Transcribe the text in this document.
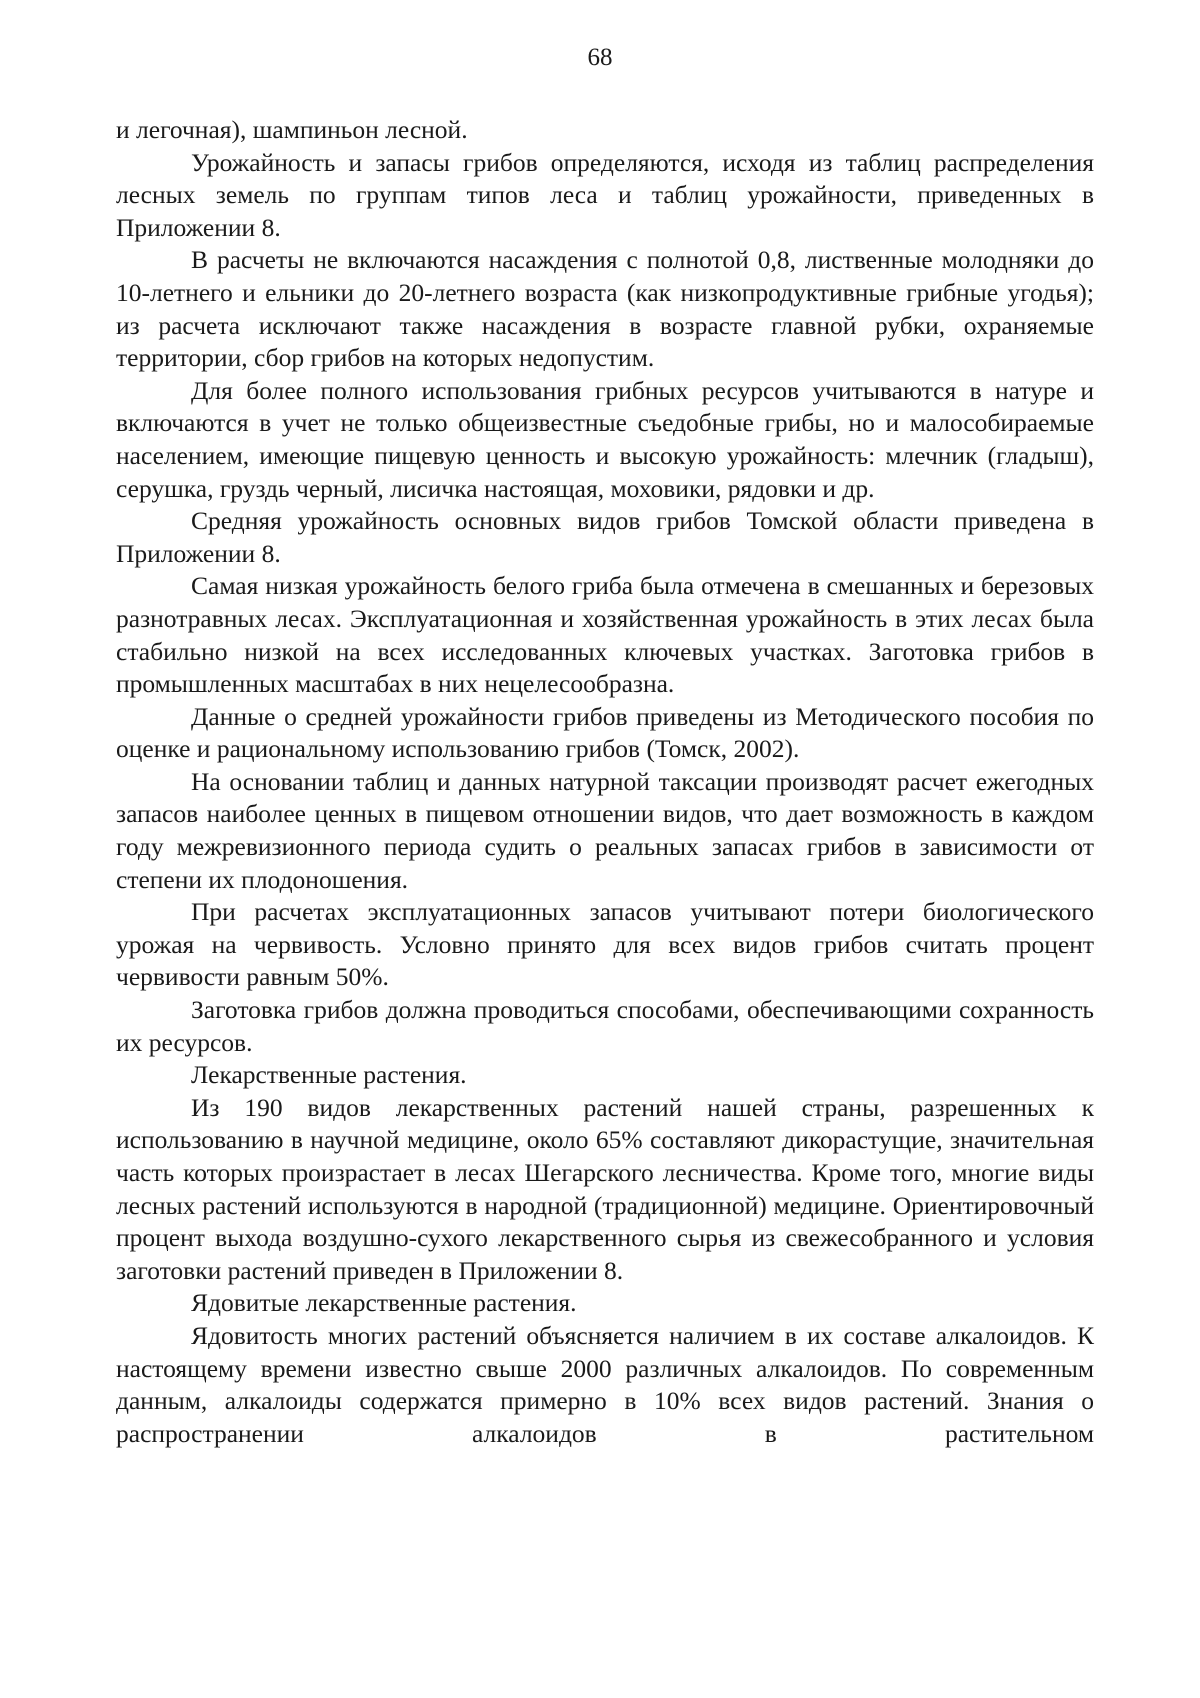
68

и легочная), шампиньон лесной.

Урожайность и запасы грибов определяются, исходя из таблиц распределения лесных земель по группам типов леса и таблиц урожайности, приведенных в Приложении 8.

В расчеты не включаются насаждения с полнотой 0,8, лиственные молодняки до 10-летнего и ельники до 20-летнего возраста (как низкопродуктивные грибные угодья); из расчета исключают также насаждения в возрасте главной рубки, охраняемые территории, сбор грибов на которых недопустим.

Для более полного использования грибных ресурсов учитываются в натуре и включаются в учет не только общеизвестные съедобные грибы, но и малособираемые населением, имеющие пищевую ценность и высокую урожайность: млечник (гладыш), серушка, груздь черный, лисичка настоящая, моховики, рядовки и др.

Средняя урожайность основных видов грибов Томской области приведена в Приложении 8.

Самая низкая урожайность белого гриба была отмечена в смешанных и березовых разнотравных лесах. Эксплуатационная и хозяйственная урожайность в этих лесах была стабильно низкой на всех исследованных ключевых участках. Заготовка грибов в промышленных масштабах в них нецелесообразна.

Данные о средней урожайности грибов приведены из Методического пособия по оценке и рациональному использованию грибов (Томск, 2002).

На основании таблиц и данных натурной таксации производят расчет ежегодных запасов наиболее ценных в пищевом отношении видов, что дает возможность в каждом году межревизионного периода судить о реальных запасах грибов в зависимости от степени их плодоношения.

При расчетах эксплуатационных запасов учитывают потери биологического урожая на червивость. Условно принято для всех видов грибов считать процент червивости равным 50%.

Заготовка грибов должна проводиться способами, обеспечивающими сохранность их ресурсов.

Лекарственные растения.

Из 190 видов лекарственных растений нашей страны, разрешенных к использованию в научной медицине, около 65% составляют дикорастущие, значительная часть которых произрастает в лесах Шегарского лесничества. Кроме того, многие виды лесных растений используются в народной (традиционной) медицине. Ориентировочный процент выхода воздушно-сухого лекарственного сырья из свежесобранного и условия заготовки растений приведен в Приложении 8.

Ядовитые лекарственные растения.

Ядовитость многих растений объясняется наличием в их составе алкалоидов. К настоящему времени известно свыше 2000 различных алкалоидов. По современным данным, алкалоиды содержатся примерно в 10% всех видов растений. Знания о распространении алкалоидов в растительном
